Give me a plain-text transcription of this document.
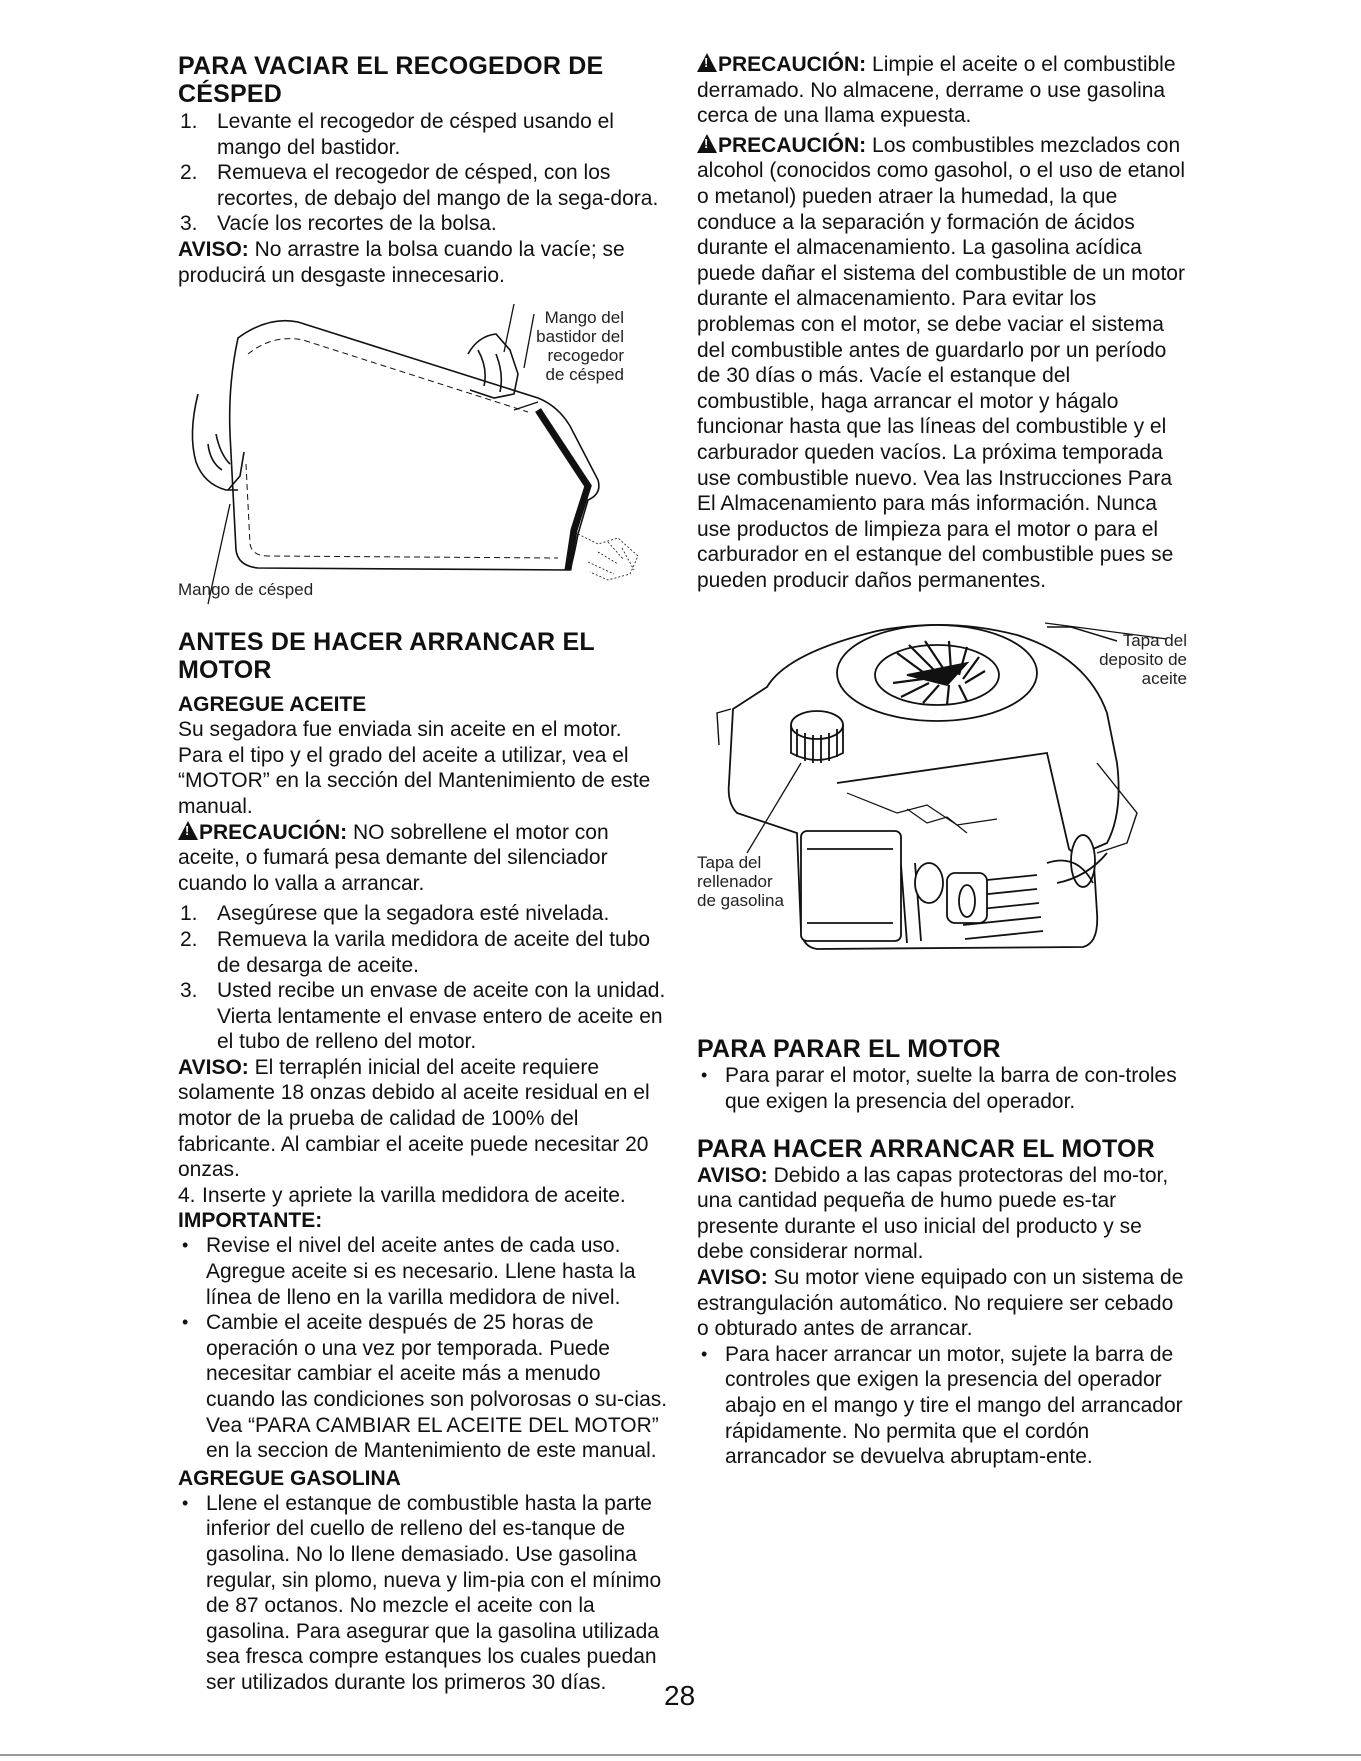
PARA VACIAR EL RECOGEDOR DE CÉSPED
1. Levante el recogedor de césped usando el mango del bastidor.
2. Remueva el recogedor de césped, con los recortes, de debajo del mango de la sega-dora.
3. Vacíe los recortes de la bolsa.

AVISO: No arrastre la bolsa cuando la vacíe; se producirá un desgaste innecesario.

Mango del bastidor del recogedor de césped
Mango de césped
ANTES DE HACER ARRANCAR EL MOTOR
AGREGUE ACEITE

Su segadora fue enviada sin aceite en el motor. Para el tipo y el grado del aceite a utilizar, vea el “MOTOR” en la sección del Mantenimiento de este manual.

!PRECAUCIÓN: NO sobrellene el motor con aceite, o fumará pesa demante del silenciador cuando lo valla a arrancar.

1. Asegúrese que la segadora esté nivelada.
2. Remueva la varila medidora de aceite del tubo de desarga de aceite.
3. Usted recibe un envase de aceite con la unidad. Vierta lentamente el envase entero de aceite en el tubo de relleno del motor.

AVISO: El terraplén inicial del aceite requiere solamente 18 onzas debido al aceite residual en el motor de la prueba de calidad de 100% del fabricante. Al cambiar el aceite puede necesitar 20 onzas.

4. Inserte y apriete la varilla medidora de aceite.
IMPORTANTE:
• Revise el nivel del aceite antes de cada uso. Agregue aceite si es necesario. Llene hasta la línea de lleno en la varilla medidora de nivel.
• Cambie el aceite después de 25 horas de operación o una vez por temporada. Puede necesitar cambiar el aceite más a menudo cuando las condiciones son polvorosas o su-cias. Vea “PARA CAMBIAR EL ACEITE DEL MOTOR” en la seccion de Mantenimiento de este manual.
AGREGUE GASOLINA
• Llene el estanque de combustible hasta la parte inferior del cuello de relleno del es-tanque de gasolina. No lo llene demasiado. Use gasolina regular, sin plomo, nueva y lim-pia con el mínimo de 87 octanos. No mezcle el aceite con la gasolina. Para asegurar que la gasolina utilizada sea fresca compre estanques los cuales puedan ser utilizados durante los primeros 30 días.

!PRECAUCIÓN: Limpie el aceite o el combustible derramado. No almacene, derrame o use gasolina cerca de una llama expuesta.

!PRECAUCIÓN: Los combustibles mezclados con alcohol (conocidos como gasohol, o el uso de etanol o metanol) pueden atraer la humedad, la que conduce a la separación y formación de ácidos durante el almacenamiento. La gasolina acídica puede dañar el sistema del combustible de un motor durante el almacenamiento. Para evitar los problemas con el motor, se debe vaciar el sistema del combustible antes de guardarlo por un período de 30 días o más. Vacíe el estanque del combustible, haga arrancar el motor y hágalo funcionar hasta que las líneas del combustible y el carburador queden vacíos. La próxima temporada use combustible nuevo. Vea las Instrucciones Para El Almacenamiento para más información. Nunca use productos de limpieza para el motor o para el carburador en el estanque del combustible pues se pueden producir daños permanentes.

Tapa del deposito de aceite
Tapa del rellenador de gasolina
PARA PARAR EL MOTOR
• Para parar el motor, suelte la barra de con-troles que exigen la presencia del operador.
PARA HACER ARRANCAR EL MOTOR

AVISO: Debido a las capas protectoras del mo-tor, una cantidad pequeña de humo puede es-tar presente durante el uso inicial del producto y se debe considerar normal.

AVISO: Su motor viene equipado con un sistema de estrangulación automático. No requiere ser cebado o obturado antes de arrancar.

• Para hacer arrancar un motor, sujete la barra de controles que exigen la presencia del operador abajo en el mango y tire el mango del arrancador rápidamente. No permita que el cordón arrancador se devuelva abruptam-ente.
28
